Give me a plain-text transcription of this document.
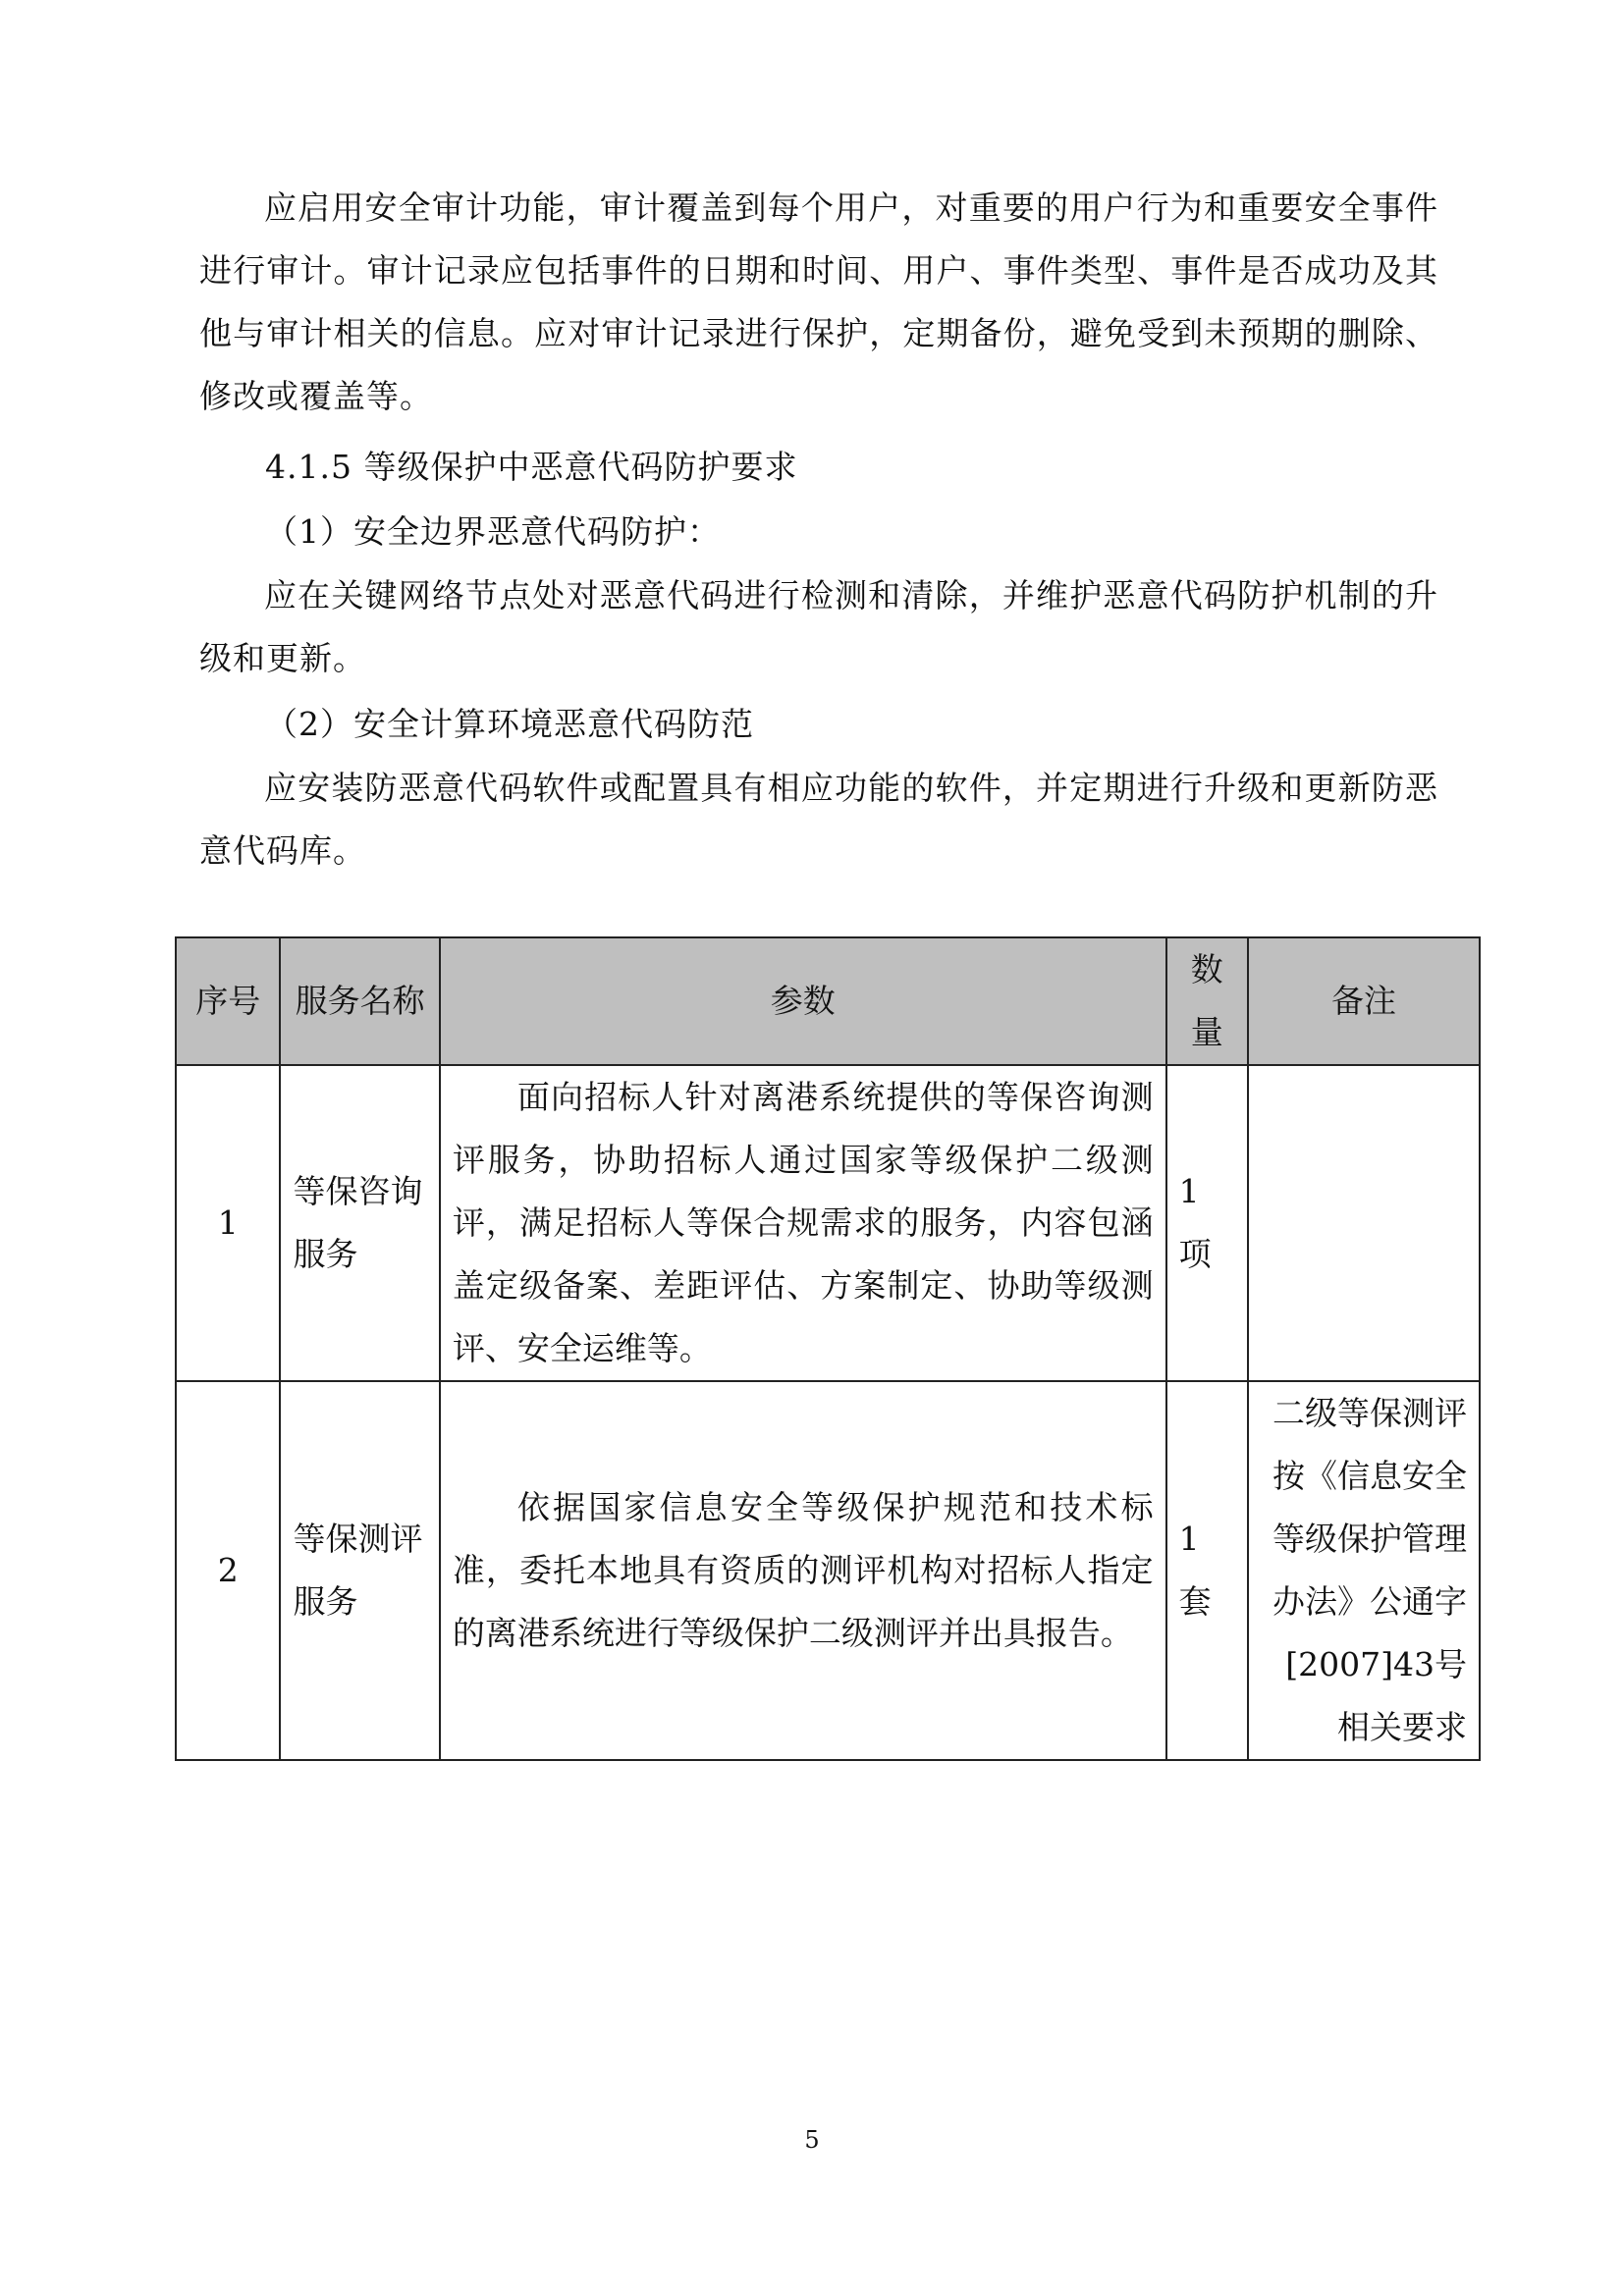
应启用安全审计功能，审计覆盖到每个用户，对重要的用户行为和重要安全事件进行审计。审计记录应包括事件的日期和时间、用户、事件类型、事件是否成功及其他与审计相关的信息。应对审计记录进行保护，定期备份，避免受到未预期的删除、修改或覆盖等。

4.1.5 等级保护中恶意代码防护要求

（1）安全边界恶意代码防护：

应在关键网络节点处对恶意代码进行检测和清除，并维护恶意代码防护机制的升级和更新。

（2）安全计算环境恶意代码防范

应安装防恶意代码软件或配置具有相应功能的软件，并定期进行升级和更新防恶意代码库。

序号	服务名称	参数	数量	备注
1	等保咨询服务	面向招标人针对离港系统提供的等保咨询测评服务，协助招标人通过国家等级保护二级测评，满足招标人等保合规需求的服务，内容包涵盖定级备案、差距评估、方案制定、协助等级测评、安全运维等。	1 项	
2	等保测评服务	依据国家信息安全等级保护规范和技术标准，委托本地具有资质的测评机构对招标人指定的离港系统进行等级保护二级测评并出具报告。	1 套	二级等保测评按《信息安全等级保护管理办法》公通字[2007]43号相关要求
5
